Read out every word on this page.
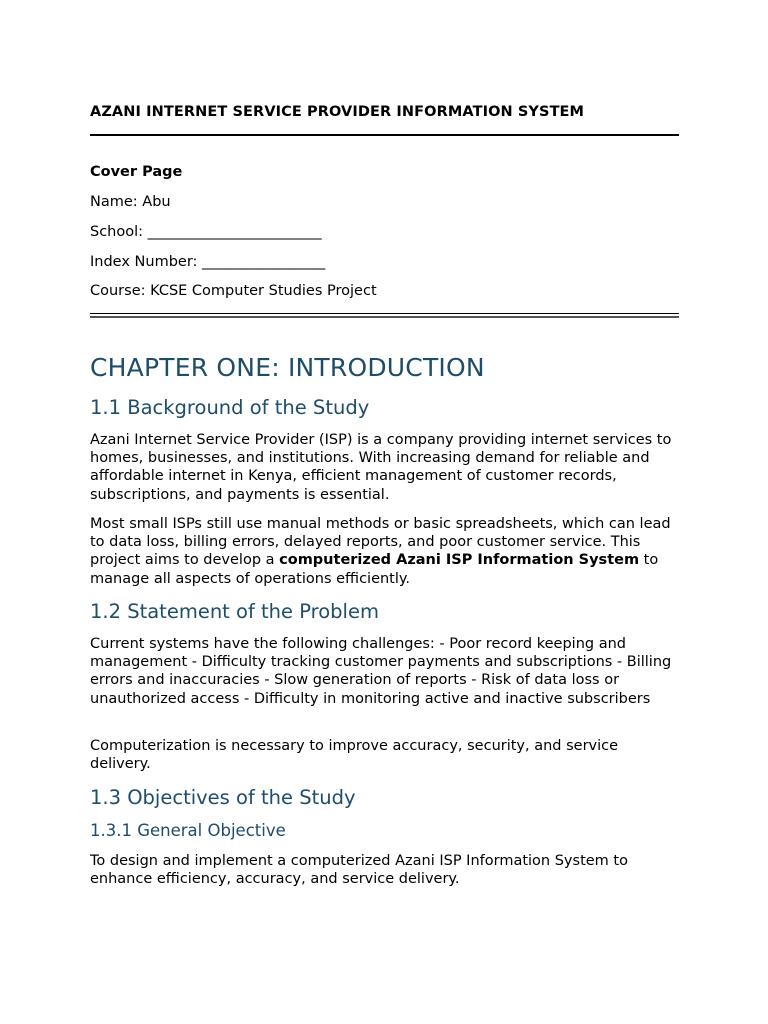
AZANI INTERNET SERVICE PROVIDER INFORMATION SYSTEM
Cover Page
Name: Abu
School: ________________________
Index Number: _________________
Course: KCSE Computer Studies Project
CHAPTER ONE: INTRODUCTION
1.1 Background of the Study
Azani Internet Service Provider (ISP) is a company providing internet services to homes, businesses, and institutions. With increasing demand for reliable and affordable internet in Kenya, efficient management of customer records, subscriptions, and payments is essential.
Most small ISPs still use manual methods or basic spreadsheets, which can lead to data loss, billing errors, delayed reports, and poor customer service. This project aims to develop a computerized Azani ISP Information System to manage all aspects of operations efficiently.
1.2 Statement of the Problem
Current systems have the following challenges: - Poor record keeping and management - Difficulty tracking customer payments and subscriptions - Billing errors and inaccuracies - Slow generation of reports - Risk of data loss or unauthorized access - Difficulty in monitoring active and inactive subscribers
Computerization is necessary to improve accuracy, security, and service delivery.
1.3 Objectives of the Study
1.3.1 General Objective
To design and implement a computerized Azani ISP Information System to enhance efficiency, accuracy, and service delivery.
